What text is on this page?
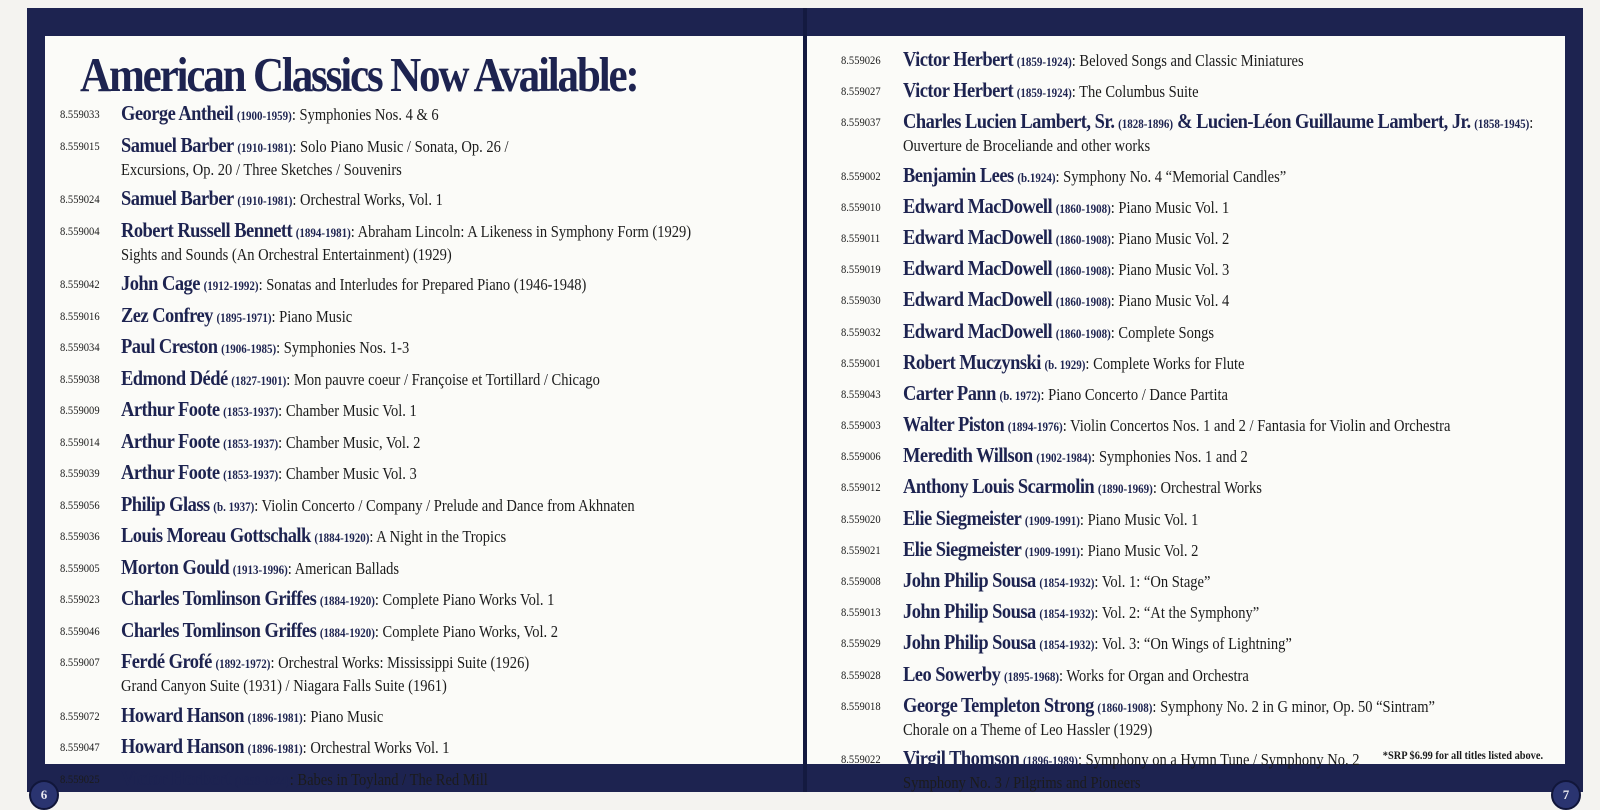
American Classics Now Available:
8.559033 George Antheil (1900-1959): Symphonies Nos. 4 & 6
8.559015 Samuel Barber (1910-1981): Solo Piano Music / Sonata, Op. 26 /
Excursions, Op. 20 / Three Sketches / Souvenirs
8.559024 Samuel Barber (1910-1981): Orchestral Works, Vol. 1
8.559004 Robert Russell Bennett (1894-1981): Abraham Lincoln: A Likeness in Symphony Form (1929)
Sights and Sounds (An Orchestral Entertainment) (1929)
8.559042 John Cage (1912-1992): Sonatas and Interludes for Prepared Piano (1946-1948)
8.559016 Zez Confrey (1895-1971): Piano Music
8.559034 Paul Creston (1906-1985): Symphonies Nos. 1-3
8.559038 Edmond Dédé (1827-1901): Mon pauvre coeur / Françoise et Tortillard / Chicago
8.559009 Arthur Foote (1853-1937): Chamber Music Vol. 1
8.559014 Arthur Foote (1853-1937): Chamber Music, Vol. 2
8.559039 Arthur Foote (1853-1937): Chamber Music Vol. 3
8.559056 Philip Glass (b. 1937): Violin Concerto / Company / Prelude and Dance from Akhnaten
8.559036 Louis Moreau Gottschalk (1884-1920): A Night in the Tropics
8.559005 Morton Gould (1913-1996): American Ballads
8.559023 Charles Tomlinson Griffes (1884-1920): Complete Piano Works Vol. 1
8.559046 Charles Tomlinson Griffes (1884-1920): Complete Piano Works, Vol. 2
8.559007 Ferdé Grofé (1892-1972): Orchestral Works: Mississippi Suite (1926)
Grand Canyon Suite (1931) / Niagara Falls Suite (1961)
8.559072 Howard Hanson (1896-1981): Piano Music
8.559047 Howard Hanson (1896-1981): Orchestral Works Vol. 1
8.559025 Victor Herbert (1859-1924): Babes in Toyland / The Red Mill
6
8.559026 Victor Herbert (1859-1924): Beloved Songs and Classic Miniatures
8.559027 Victor Herbert (1859-1924): The Columbus Suite
8.559037 Charles Lucien Lambert, Sr. (1828-1896) & Lucien-Léon Guillaume Lambert, Jr. (1858-1945):
Ouverture de Broceliande and other works
8.559002 Benjamin Lees (b.1924): Symphony No. 4 “Memorial Candles”
8.559010 Edward MacDowell (1860-1908): Piano Music Vol. 1
8.559011 Edward MacDowell (1860-1908): Piano Music Vol. 2
8.559019 Edward MacDowell (1860-1908): Piano Music Vol. 3
8.559030 Edward MacDowell (1860-1908): Piano Music Vol. 4
8.559032 Edward MacDowell (1860-1908): Complete Songs
8.559001 Robert Muczynski (b. 1929): Complete Works for Flute
8.559043 Carter Pann (b. 1972): Piano Concerto / Dance Partita
8.559003 Walter Piston (1894-1976): Violin Concertos Nos. 1 and 2 / Fantasia for Violin and Orchestra
8.559006 Meredith Willson (1902-1984): Symphonies Nos. 1 and 2
8.559012 Anthony Louis Scarmolin (1890-1969): Orchestral Works
8.559020 Elie Siegmeister (1909-1991): Piano Music Vol. 1
8.559021 Elie Siegmeister (1909-1991): Piano Music Vol. 2
8.559008 John Philip Sousa (1854-1932): Vol. 1: “On Stage”
8.559013 John Philip Sousa (1854-1932): Vol. 2: “At the Symphony”
8.559029 John Philip Sousa (1854-1932): Vol. 3: “On Wings of Lightning”
8.559028 Leo Sowerby (1895-1968): Works for Organ and Orchestra
8.559018 George Templeton Strong (1860-1908): Symphony No. 2 in G minor, Op. 50 “Sintram”
Chorale on a Theme of Leo Hassler (1929)
8.559022 Virgil Thomson (1896-1989): Symphony on a Hymn Tune / Symphony No. 2
Symphony No. 3 / Pilgrims and Pioneers
*SRP $6.99 for all titles listed above.
7
